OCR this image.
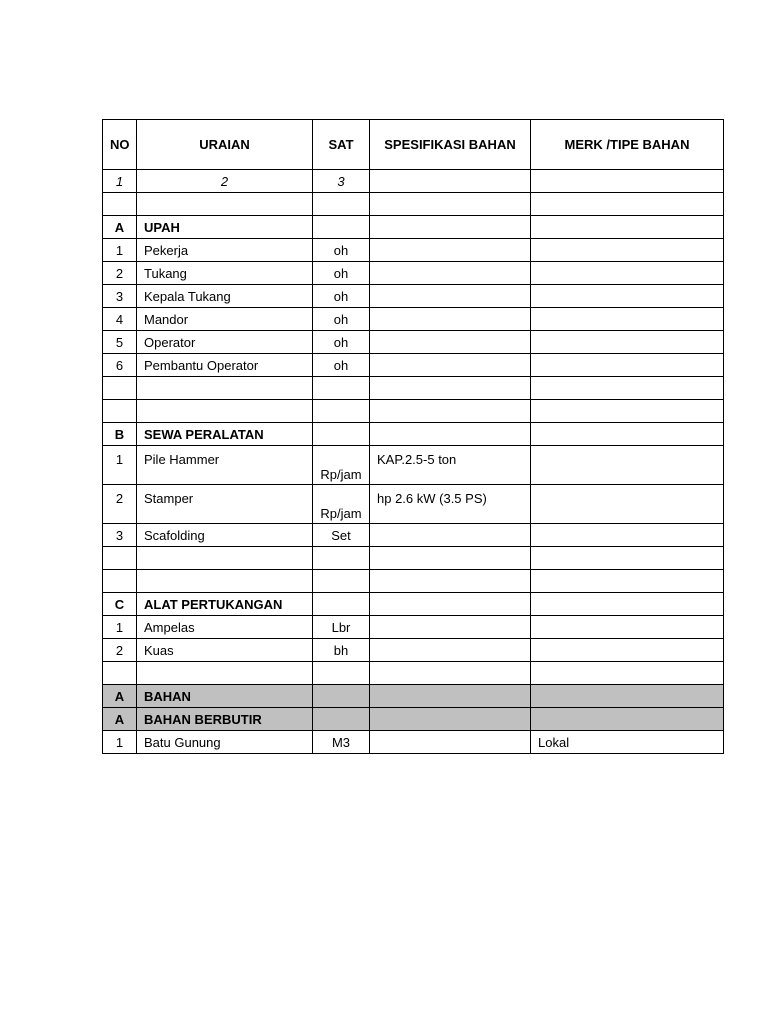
NO	URAIAN	SAT	SPESIFIKASI BAHAN	MERK /TIPE BAHAN
1	2	3		

A	UPAH			
1	Pekerja	oh		
2	Tukang	oh		
3	Kepala Tukang	oh		
4	Mandor	oh		
5	Operator	oh		
6	Pembantu Operator	oh		

B	SEWA PERALATAN			
1	Pile Hammer	Rp/jam	KAP.2.5-5 ton	
2	Stamper	Rp/jam	hp 2.6 kW (3.5 PS)	
3	Scafolding	Set		

C	ALAT PERTUKANGAN			
1	Ampelas	Lbr		
2	Kuas	bh		

A	BAHAN			
A	BAHAN BERBUTIR			
1	Batu Gunung	M3		Lokal
